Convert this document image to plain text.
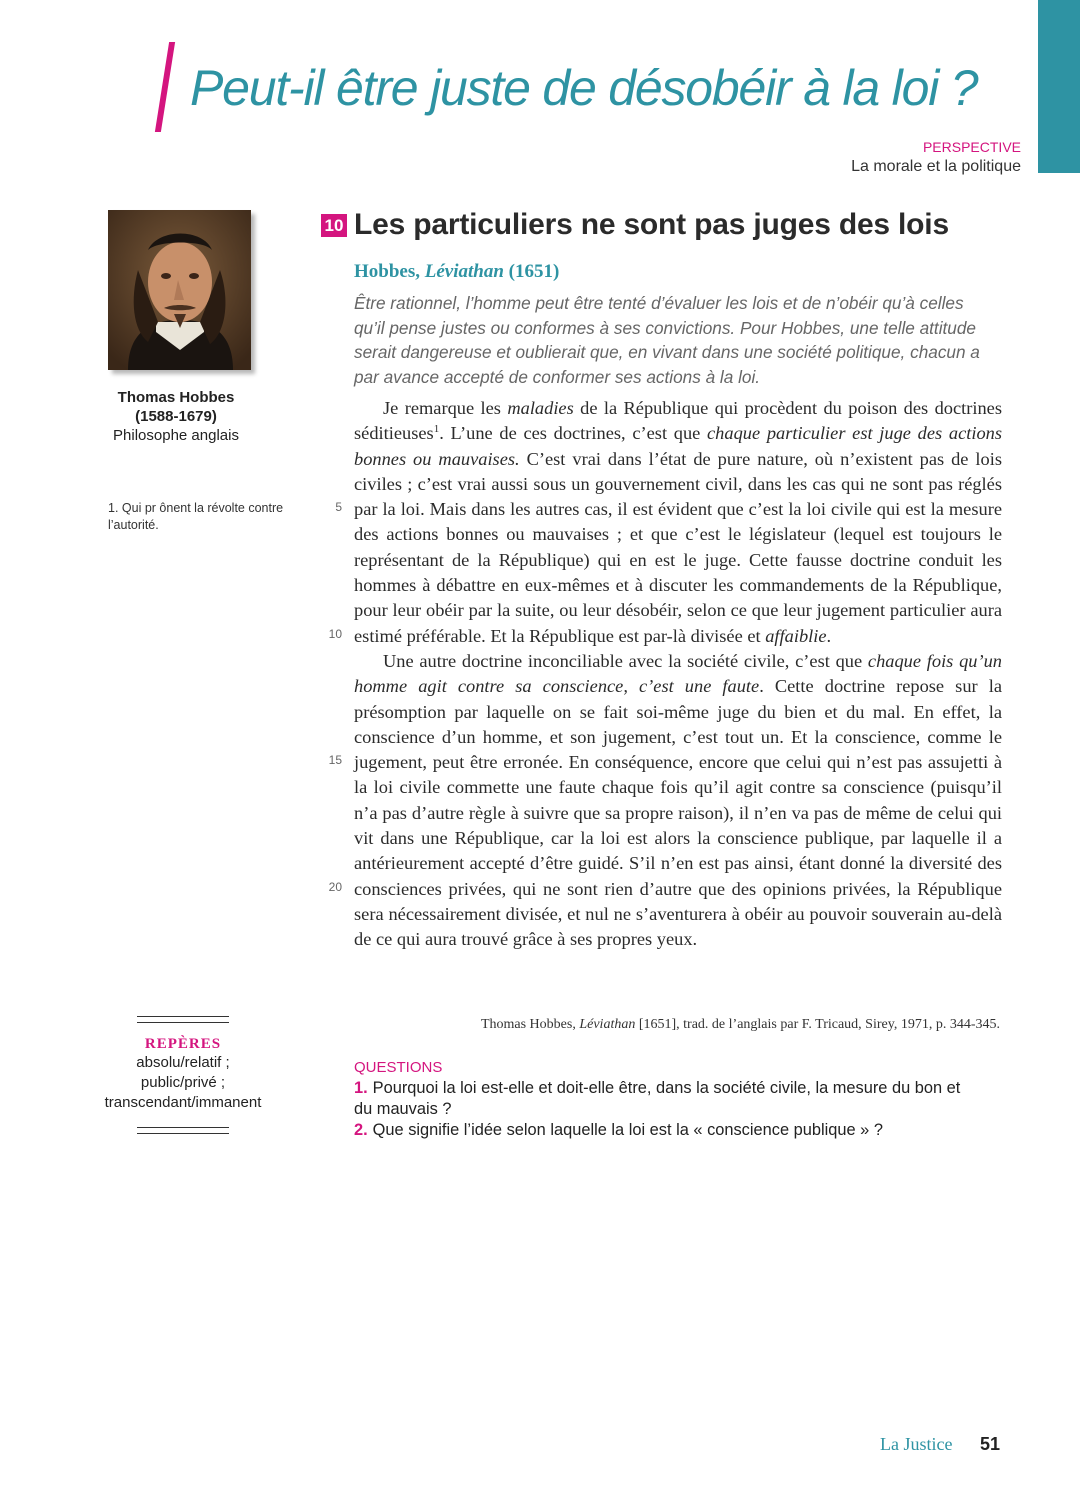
Peut-il être juste de désobéir à la loi ?
PERSPECTIVE
La morale et la politique
Thomas Hobbes
(1588-1679)
Philosophe anglais
1. Qui pr ônent la révolte contre l’autorité.
REPÈRES
absolu/relatif ;
public/privé ;
transcendant/immanent
10 Les particuliers ne sont pas juges des lois
Hobbes, Léviathan (1651)

Être rationnel, l’homme peut être tenté d’évaluer les lois et de n’obéir qu’à celles qu’il pense justes ou conformes à ses convictions. Pour Hobbes, une telle attitude serait dangereuse et oublierait que, en vivant dans une société politique, chacun a par avance accepté de conformer ses actions à la loi.

5
10
15
20

Je remarque les maladies de la République qui procèdent du poison des doctrines séditieuses$^1$. L’une de ces doctrines, c’est que chaque particulier est juge des actions bonnes ou mauvaises. C’est vrai dans l’état de pure nature, où n’existent pas de lois civiles ; c’est vrai aussi sous un gouvernement civil, dans les cas qui ne sont pas réglés par la loi. Mais dans les autres cas, il est évident que c’est la loi civile qui est la mesure des actions bonnes ou mauvaises ; et que c’est le législateur (lequel est toujours le représentant de la République) qui en est le juge. Cette fausse doctrine conduit les hommes à débattre en eux-mêmes et à discuter les commandements de la République, pour leur obéir par la suite, ou leur désobéir, selon ce que leur jugement particulier aura estimé préférable. Et la République est par-là divisée et affaiblie.

Une autre doctrine inconciliable avec la société civile, c’est que chaque fois qu’un homme agit contre sa conscience, c’est une faute. Cette doctrine repose sur la présomption par laquelle on se fait soi-même juge du bien et du mal. En effet, la conscience d’un homme, et son jugement, c’est tout un. Et la conscience, comme le jugement, peut être erronée. En conséquence, encore que celui qui n’est pas assujetti à la loi civile commette une faute chaque fois qu’il agit contre sa conscience (puisqu’il n’a pas d’autre règle à suivre que sa propre raison), il n’en va pas de même de celui qui vit dans une République, car la loi est alors la conscience publique, par laquelle il a antérieurement accepté d’être guidé. S’il n’en est pas ainsi, étant donné la diversité des consciences privées, qui ne sont rien d’autre que des opinions privées, la République sera nécessairement divisée, et nul ne s’aventurera à obéir au pouvoir souverain au-delà de ce qui aura trouvé grâce à ses propres yeux.

Thomas Hobbes, Léviathan [1651], trad. de l’anglais par F. Tricaud, Sirey, 1971, p. 344-345.
QUESTIONS
1. Pourquoi la loi est-elle et doit-elle être, dans la société civile, la mesure du bon et du mauvais ?
2. Que signifie l’idée selon laquelle la loi est la « conscience publique » ?
La Justice 51
